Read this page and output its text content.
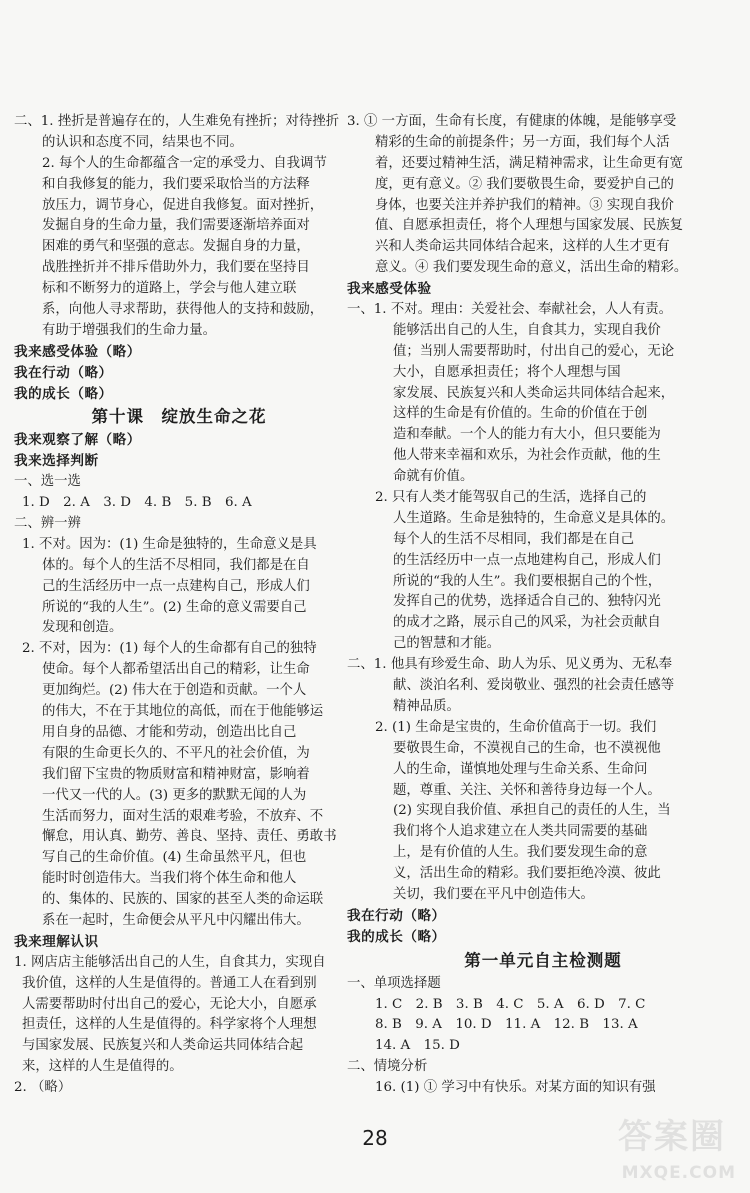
二、1. 挫折是普遍存在的，人生难免有挫折；对待挫折
的认识和态度不同，结果也不同。
2. 每个人的生命都蕴含一定的承受力、自我调节
和自我修复的能力，我们要采取恰当的方法释
放压力，调节身心，促进自我修复。面对挫折，
发掘自身的生命力量，我们需要逐渐培养面对
困难的勇气和坚强的意志。发掘自身的力量，
战胜挫折并不排斥借助外力，我们要在坚持目
标和不断努力的道路上，学会与他人建立联
系，向他人寻求帮助，获得他人的支持和鼓励，
有助于增强我们的生命力量。
我来感受体验（略）
我在行动（略）
我的成长（略）
第十课　绽放生命之花
我来观察了解（略）
我来选择判断
一、选一选
1. D　2. A　3. D　4. B　5. B　6. A
二、辨一辨
1. 不对。因为：(1) 生命是独特的，生命意义是具
体的。每个人的生活不尽相同，我们都是在自
己的生活经历中一点一点建构自己，形成人们
所说的“我的人生”。(2) 生命的意义需要自己
发现和创造。
2. 不对，因为：(1) 每个人的生命都有自己的独特
使命。每个人都希望活出自己的精彩，让生命
更加绚烂。(2) 伟大在于创造和贡献。一个人
的伟大，不在于其地位的高低，而在于他能够运
用自身的品德、才能和劳动，创造出比自己
有限的生命更长久的、不平凡的社会价值，为
我们留下宝贵的物质财富和精神财富，影响着
一代又一代的人。(3) 更多的默默无闻的人为
生活而努力，面对生活的艰难考验，不放弃、不
懈怠，用认真、勤劳、善良、坚持、责任、勇敢书
写自己的生命价值。(4) 生命虽然平凡，但也
能时时创造伟大。当我们将个体生命和他人
的、集体的、民族的、国家的甚至人类的命运联
系在一起时，生命便会从平凡中闪耀出伟大。
我来理解认识
1. 网店店主能够活出自己的人生，自食其力，实现自
我价值，这样的人生是值得的。普通工人在看到别
人需要帮助时付出自己的爱心，无论大小，自愿承
担责任，这样的人生是值得的。科学家将个人理想
与国家发展、民族复兴和人类命运共同体结合起
来，这样的人生是值得的。
2. （略）
3. ① 一方面，生命有长度，有健康的体魄，是能够享受
精彩的生命的前提条件；另一方面，我们每个人活
着，还要过精神生活，满足精神需求，让生命更有宽
度，更有意义。② 我们要敬畏生命，要爱护自己的
身体，也要关注并养护我们的精神。③ 实现自我价
值、自愿承担责任，将个人理想与国家发展、民族复
兴和人类命运共同体结合起来，这样的人生才更有
意义。④ 我们要发现生命的意义，活出生命的精彩。
我来感受体验
一、1. 不对。理由：关爱社会、奉献社会，人人有责。
能够活出自己的人生，自食其力，实现自我价
值；当别人需要帮助时，付出自己的爱心，无论
大小，自愿承担责任；将个人理想与国
家发展、民族复兴和人类命运共同体结合起来，
这样的生命是有价值的。生命的价值在于创
造和奉献。一个人的能力有大小，但只要能为
他人带来幸福和欢乐，为社会作贡献，他的生
命就有价值。
2. 只有人类才能驾驭自己的生活，选择自己的
人生道路。生命是独特的，生命意义是具体的。
每个人的生活不尽相同，我们都是在自己
的生活经历中一点一点地建构自己，形成人们
所说的“我的人生”。我们要根据自己的个性，
发挥自己的优势，选择适合自己的、独特闪光
的成才之路，展示自己的风采，为社会贡献自
己的智慧和才能。
二、1. 他具有珍爱生命、助人为乐、见义勇为、无私奉
献、淡泊名利、爱岗敬业、强烈的社会责任感等
精神品质。
2. (1) 生命是宝贵的，生命价值高于一切。我们
要敬畏生命，不漠视自己的生命，也不漠视他
人的生命，谨慎地处理与生命关系、生命问
题，尊重、关注、关怀和善待身边每一个人。
(2) 实现自我价值、承担自己的责任的人生，当
我们将个人追求建立在人类共同需要的基础
上，是有价值的人生。我们要发现生命的意
义，活出生命的精彩。我们要拒绝冷漠、彼此
关切，我们要在平凡中创造伟大。
我在行动（略）
我的成长（略）
第一单元自主检测题
一、单项选择题
1. C　2. B　3. B　4. C　5. A　6. D　7. C
8. B　9. A　10. D　11. A　12. B　13. A
14. A　15. D
二、情境分析
16. (1) ① 学习中有快乐。对某方面的知识有强
28	答案圈
MXQE.COM
